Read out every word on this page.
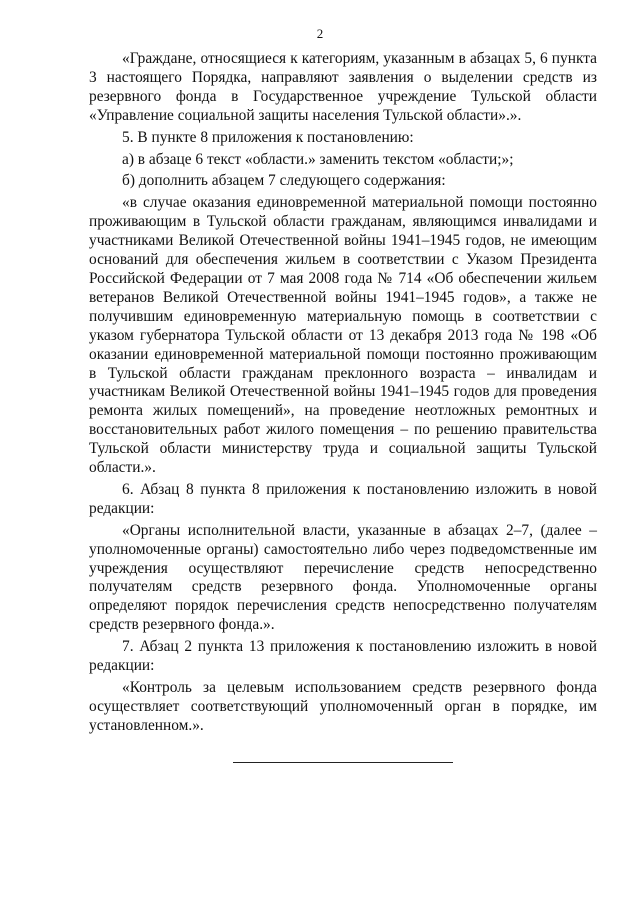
2

«Граждане, относящиеся к категориям, указанным в абзацах 5, 6 пункта 3 настоящего Порядка, направляют заявления о выделении средств из резервного фонда в Государственное учреждение Тульской области «Управление социальной защиты населения Тульской области».».

5. В пункте 8 приложения к постановлению:

а) в абзаце 6 текст «области.» заменить текстом «области;»;

б) дополнить абзацем 7 следующего содержания:

«в случае оказания единовременной материальной помощи постоянно проживающим в Тульской области гражданам, являющимся инвалидами и участниками Великой Отечественной войны 1941–1945 годов, не имеющим оснований для обеспечения жильем в соответствии с Указом Президента Российской Федерации от 7 мая 2008 года № 714 «Об обеспечении жильем ветеранов Великой Отечественной войны 1941–1945 годов», а также не получившим единовременную материальную помощь в соответствии с указом губернатора Тульской области от 13 декабря 2013 года № 198 «Об оказании единовременной материальной помощи постоянно проживающим в Тульской области гражданам преклонного возраста – инвалидам и участникам Великой Отечественной войны 1941–1945 годов для проведения ремонта жилых помещений», на проведение неотложных ремонтных и восстановительных работ жилого помещения – по решению правительства Тульской области министерству труда и социальной защиты Тульской области.».

6. Абзац 8 пункта 8 приложения к постановлению изложить в новой редакции:

«Органы исполнительной власти, указанные в абзацах 2–7, (далее – уполномоченные органы) самостоятельно либо через подведомственные им учреждения осуществляют перечисление средств непосредственно получателям средств резервного фонда. Уполномоченные органы определяют порядок перечисления средств непосредственно получателям средств резервного фонда.».

7. Абзац 2 пункта 13 приложения к постановлению изложить в новой редакции:

«Контроль за целевым использованием средств резервного фонда осуществляет соответствующий уполномоченный орган в порядке, им установленном.».
